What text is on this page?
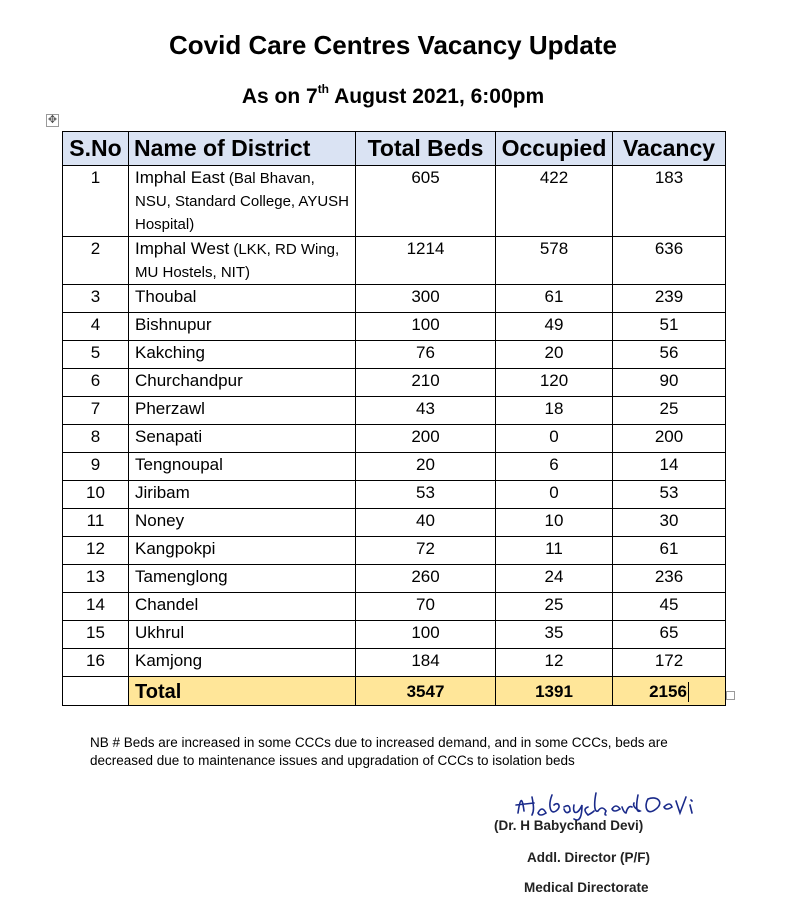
Covid Care Centres Vacancy Update
As on 7th August 2021, 6:00pm
✥
S.No	Name of District	Total Beds	Occupied	Vacancy
1	Imphal East (Bal Bhavan, NSU, Standard College, AYUSH Hospital)	605	422	183
2	Imphal West (LKK, RD Wing, MU Hostels, NIT)	1214	578	636
3	Thoubal	300	61	239
4	Bishnupur	100	49	51
5	Kakching	76	20	56
6	Churchandpur	210	120	90
7	Pherzawl	43	18	25
8	Senapati	200	0	200
9	Tengnoupal	20	6	14
10	Jiribam	53	0	53
11	Noney	40	10	30
12	Kangpokpi	72	11	61
13	Tamenglong	260	24	236
14	Chandel	70	25	45
15	Ukhrul	100	35	65
16	Kamjong	184	12	172
	Total	3547	1391	2156

NB # Beds are increased in some CCCs due to increased demand, and in some CCCs, beds are decreased due to maintenance issues and upgradation of CCCs to isolation beds

(Dr. H Babychand Devi)
Addl. Director (P/F)
Medical Directorate
